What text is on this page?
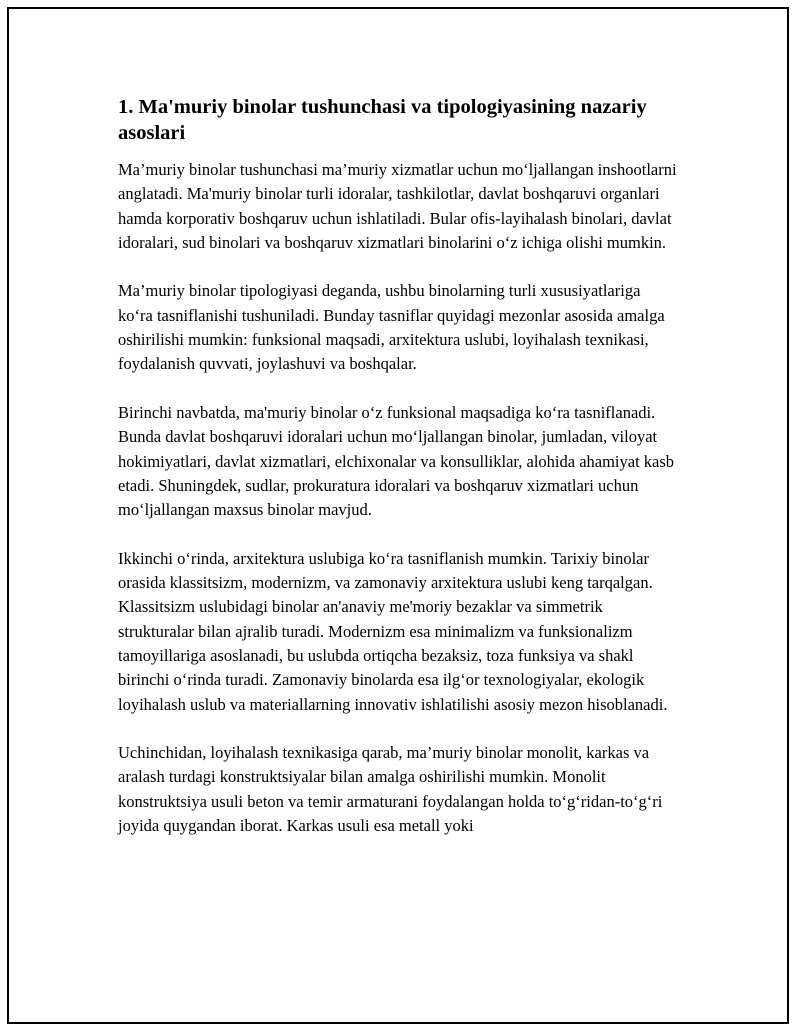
1. Ma'muriy binolar tushunchasi va tipologiyasining nazariy asoslari

Ma’muriy binolar tushunchasi ma’muriy xizmatlar uchun mo‘ljallangan inshootlarni anglatadi. Ma'muriy binolar turli idoralar, tashkilotlar, davlat boshqaruvi organlari hamda korporativ boshqaruv uchun ishlatiladi. Bular ofis-layihalash binolari, davlat idoralari, sud binolari va boshqaruv xizmatlari binolarini o‘z ichiga olishi mumkin.

Ma’muriy binolar tipologiyasi deganda, ushbu binolarning turli xususiyatlariga ko‘ra tasniflanishi tushuniladi. Bunday tasniflar quyidagi mezonlar asosida amalga oshirilishi mumkin: funksional maqsadi, arxitektura uslubi, loyihalash texnikasi, foydalanish quvvati, joylashuvi va boshqalar.

Birinchi navbatda, ma'muriy binolar o‘z funksional maqsadiga ko‘ra tasniflanadi. Bunda davlat boshqaruvi idoralari uchun mo‘ljallangan binolar, jumladan, viloyat hokimiyatlari, davlat xizmatlari, elchixonalar va konsulliklar, alohida ahamiyat kasb etadi. Shuningdek, sudlar, prokuratura idoralari va boshqaruv xizmatlari uchun mo‘ljallangan maxsus binolar mavjud.

Ikkinchi o‘rinda, arxitektura uslubiga ko‘ra tasniflanish mumkin. Tarixiy binolar orasida klassitsizm, modernizm, va zamonaviy arxitektura uslubi keng tarqalgan. Klassitsizm uslubidagi binolar an'anaviy me'moriy bezaklar va simmetrik strukturalar bilan ajralib turadi. Modernizm esa minimalizm va funksionalizm tamoyillariga asoslanadi, bu uslubda ortiqcha bezaksiz, toza funksiya va shakl birinchi o‘rinda turadi. Zamonaviy binolarda esa ilg‘or texnologiyalar, ekologik loyihalash uslub va materiallarning innovativ ishlatilishi asosiy mezon hisoblanadi.

Uchinchidan, loyihalash texnikasiga qarab, ma’muriy binolar monolit, karkas va aralash turdagi konstruktsiyalar bilan amalga oshirilishi mumkin. Monolit konstruktsiya usuli beton va temir armaturani foydalangan holda to‘g‘ridan-to‘g‘ri joyida quygandan iborat. Karkas usuli esa metall yoki
